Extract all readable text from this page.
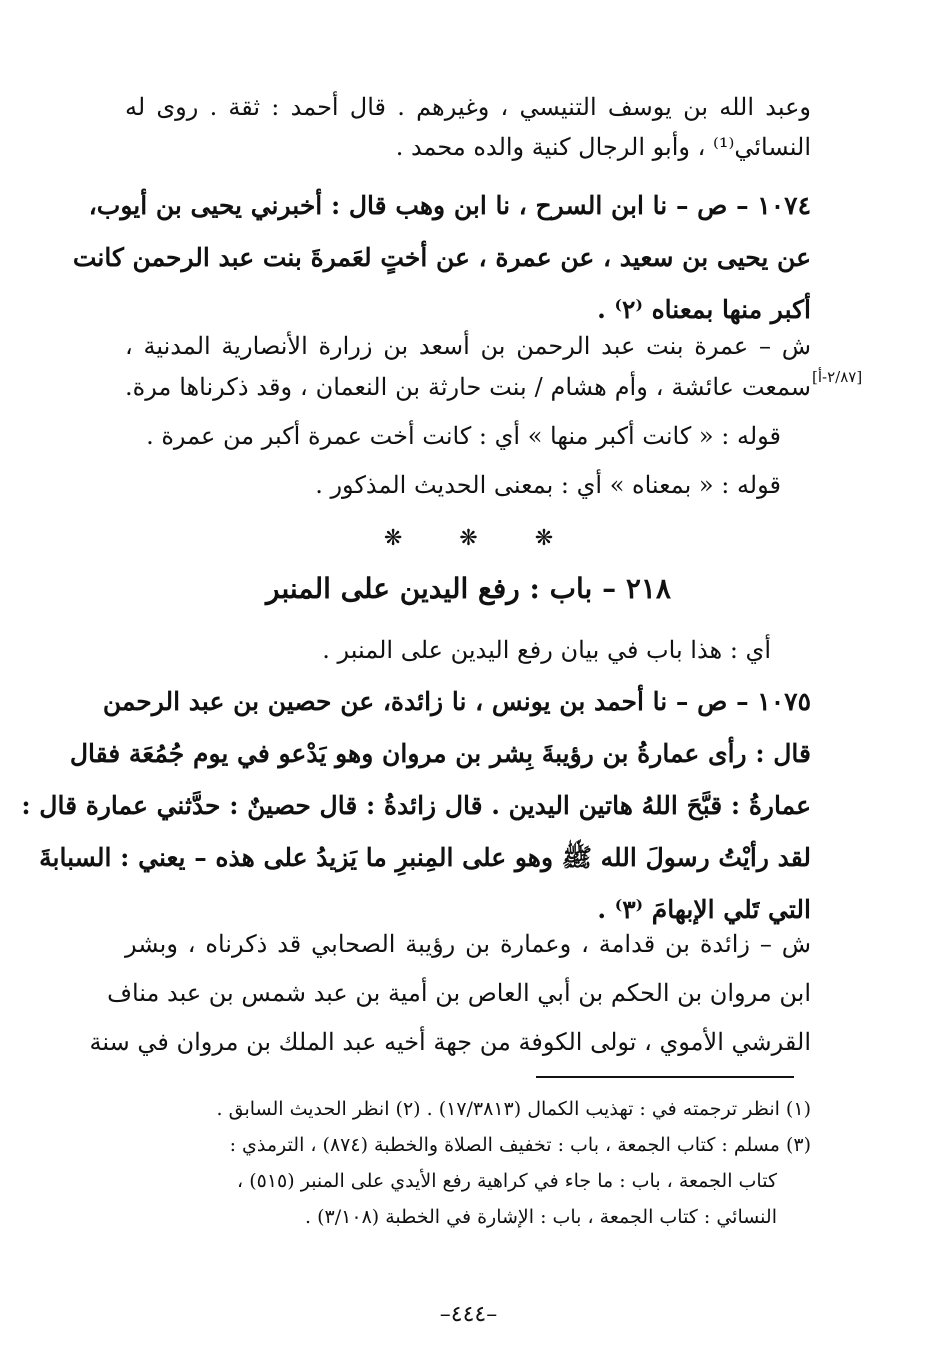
وعبد الله بن يوسف التنيسي ، وغيرهم . قال أحمد : ثقة . روى له
النسائي⁽¹⁾ ، وأبو الرجال كنية والده محمد .
١٠٧٤ – ص – نا ابن السرح ، نا ابن وهب قال : أخبرني يحيى بن أيوب،
عن يحيى بن سعيد ، عن عمرة ، عن أختٍ لعَمرةَ بنت عبد الرحمن كانت
أكبر منها بمعناه ⁽٢⁾ .
ش – عمرة بنت عبد الرحمن بن أسعد بن زرارة الأنصارية المدنية ،
سمعت عائشة ، وأم هشام / بنت حارثة بن النعمان ، وقد ذكرناها مرة.
قوله : « كانت أكبر منها » أي : كانت أخت عمرة أكبر من عمرة .
قوله : « بمعناه » أي : بمعنى الحديث المذكور .
[٢/٨٧-أ]
❋	❋	❋
٢١٨ – باب : رفع اليدين على المنبر
أي : هذا باب في بيان رفع اليدين على المنبر .
١٠٧٥ – ص – نا أحمد بن يونس ، نا زائدة، عن حصين بن عبد الرحمن
قال : رأى عمارةُ بن رؤيبةَ بِشر بن مروان وهو يَدْعو في يوم جُمُعَة فقال
عمارةُ : قبَّحَ اللهُ هاتين اليدين . قال زائدةُ : قال حصينٌ : حدَّثني عمارة قال :
لقد رأيْتُ رسولَ الله ﷺ وهو على المِنبرِ ما يَزيدُ على هذه – يعني : السبابةَ
التي تَلي الإبهامَ ⁽٣⁾ .
ش – زائدة بن قدامة ، وعمارة بن رؤيبة الصحابي قد ذكرناه ، وبشر
ابن مروان بن الحكم بن أبي العاص بن أمية بن عبد شمس بن عبد مناف
القرشي الأموي ، تولى الكوفة من جهة أخيه عبد الملك بن مروان في سنة
(١) انظر ترجمته في : تهذيب الكمال (١٧/٣٨١٣) . (٢) انظر الحديث السابق .
(٣) مسلم : كتاب الجمعة ، باب : تخفيف الصلاة والخطبة (٨٧٤) ، الترمذي :
كتاب الجمعة ، باب : ما جاء في كراهية رفع الأيدي على المنبر (٥١٥) ،
النسائي : كتاب الجمعة ، باب : الإشارة في الخطبة (٣/١٠٨) .
–٤٤٤–
